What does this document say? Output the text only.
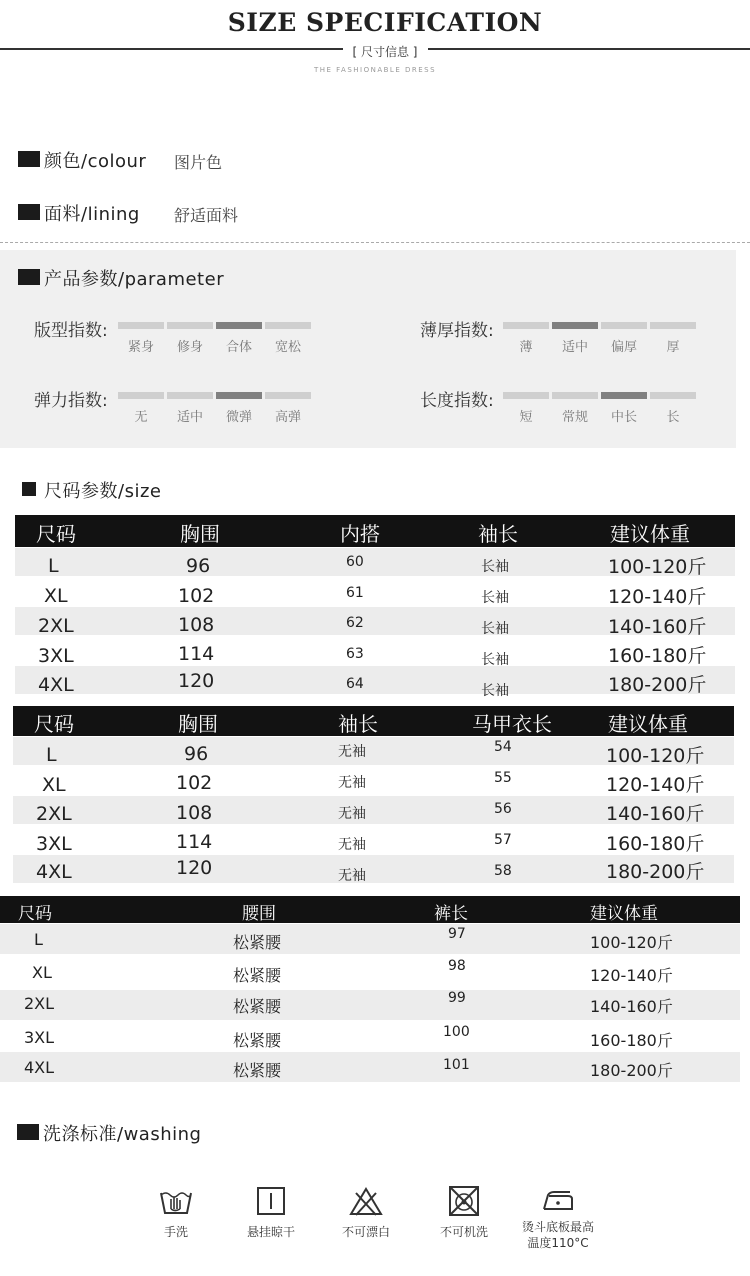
SIZE SPECIFICATION
[ 尺寸信息 ]
THE FASHIONABLE DRESS
颜色/colour 图片色
面料/lining 舒适面料
产品参数/parameter
版型指数:
紧身	修身	合体	宽松
薄厚指数:
薄	适中	偏厚	厚
弹力指数:
无	适中	微弹	高弹
长度指数:
短	常规	中长	长
尺码参数/size
尺码	胸围	内搭	袖长	建议体重
L	96	60	长袖	100-120斤
XL	102	61	长袖	120-140斤
2XL	108	62	长袖	140-160斤
3XL	114	63	长袖	160-180斤
4XL	120	64	长袖	180-200斤
尺码	胸围	袖长	马甲衣长	建议体重
L	96	无袖	54	100-120斤
XL	102	无袖	55	120-140斤
2XL	108	无袖	56	140-160斤
3XL	114	无袖	57	160-180斤
4XL	120	无袖	58	180-200斤
尺码	腰围	裤长	建议体重
L	松紧腰	97	100-120斤
XL	松紧腰	98	120-140斤
2XL	松紧腰	99	140-160斤
3XL	松紧腰	100	160-180斤
4XL	松紧腰	101	180-200斤
洗涤标准/washing
手洗	悬挂晾干	不可漂白	不可机洗	烫斗底板最高
温度110°C
